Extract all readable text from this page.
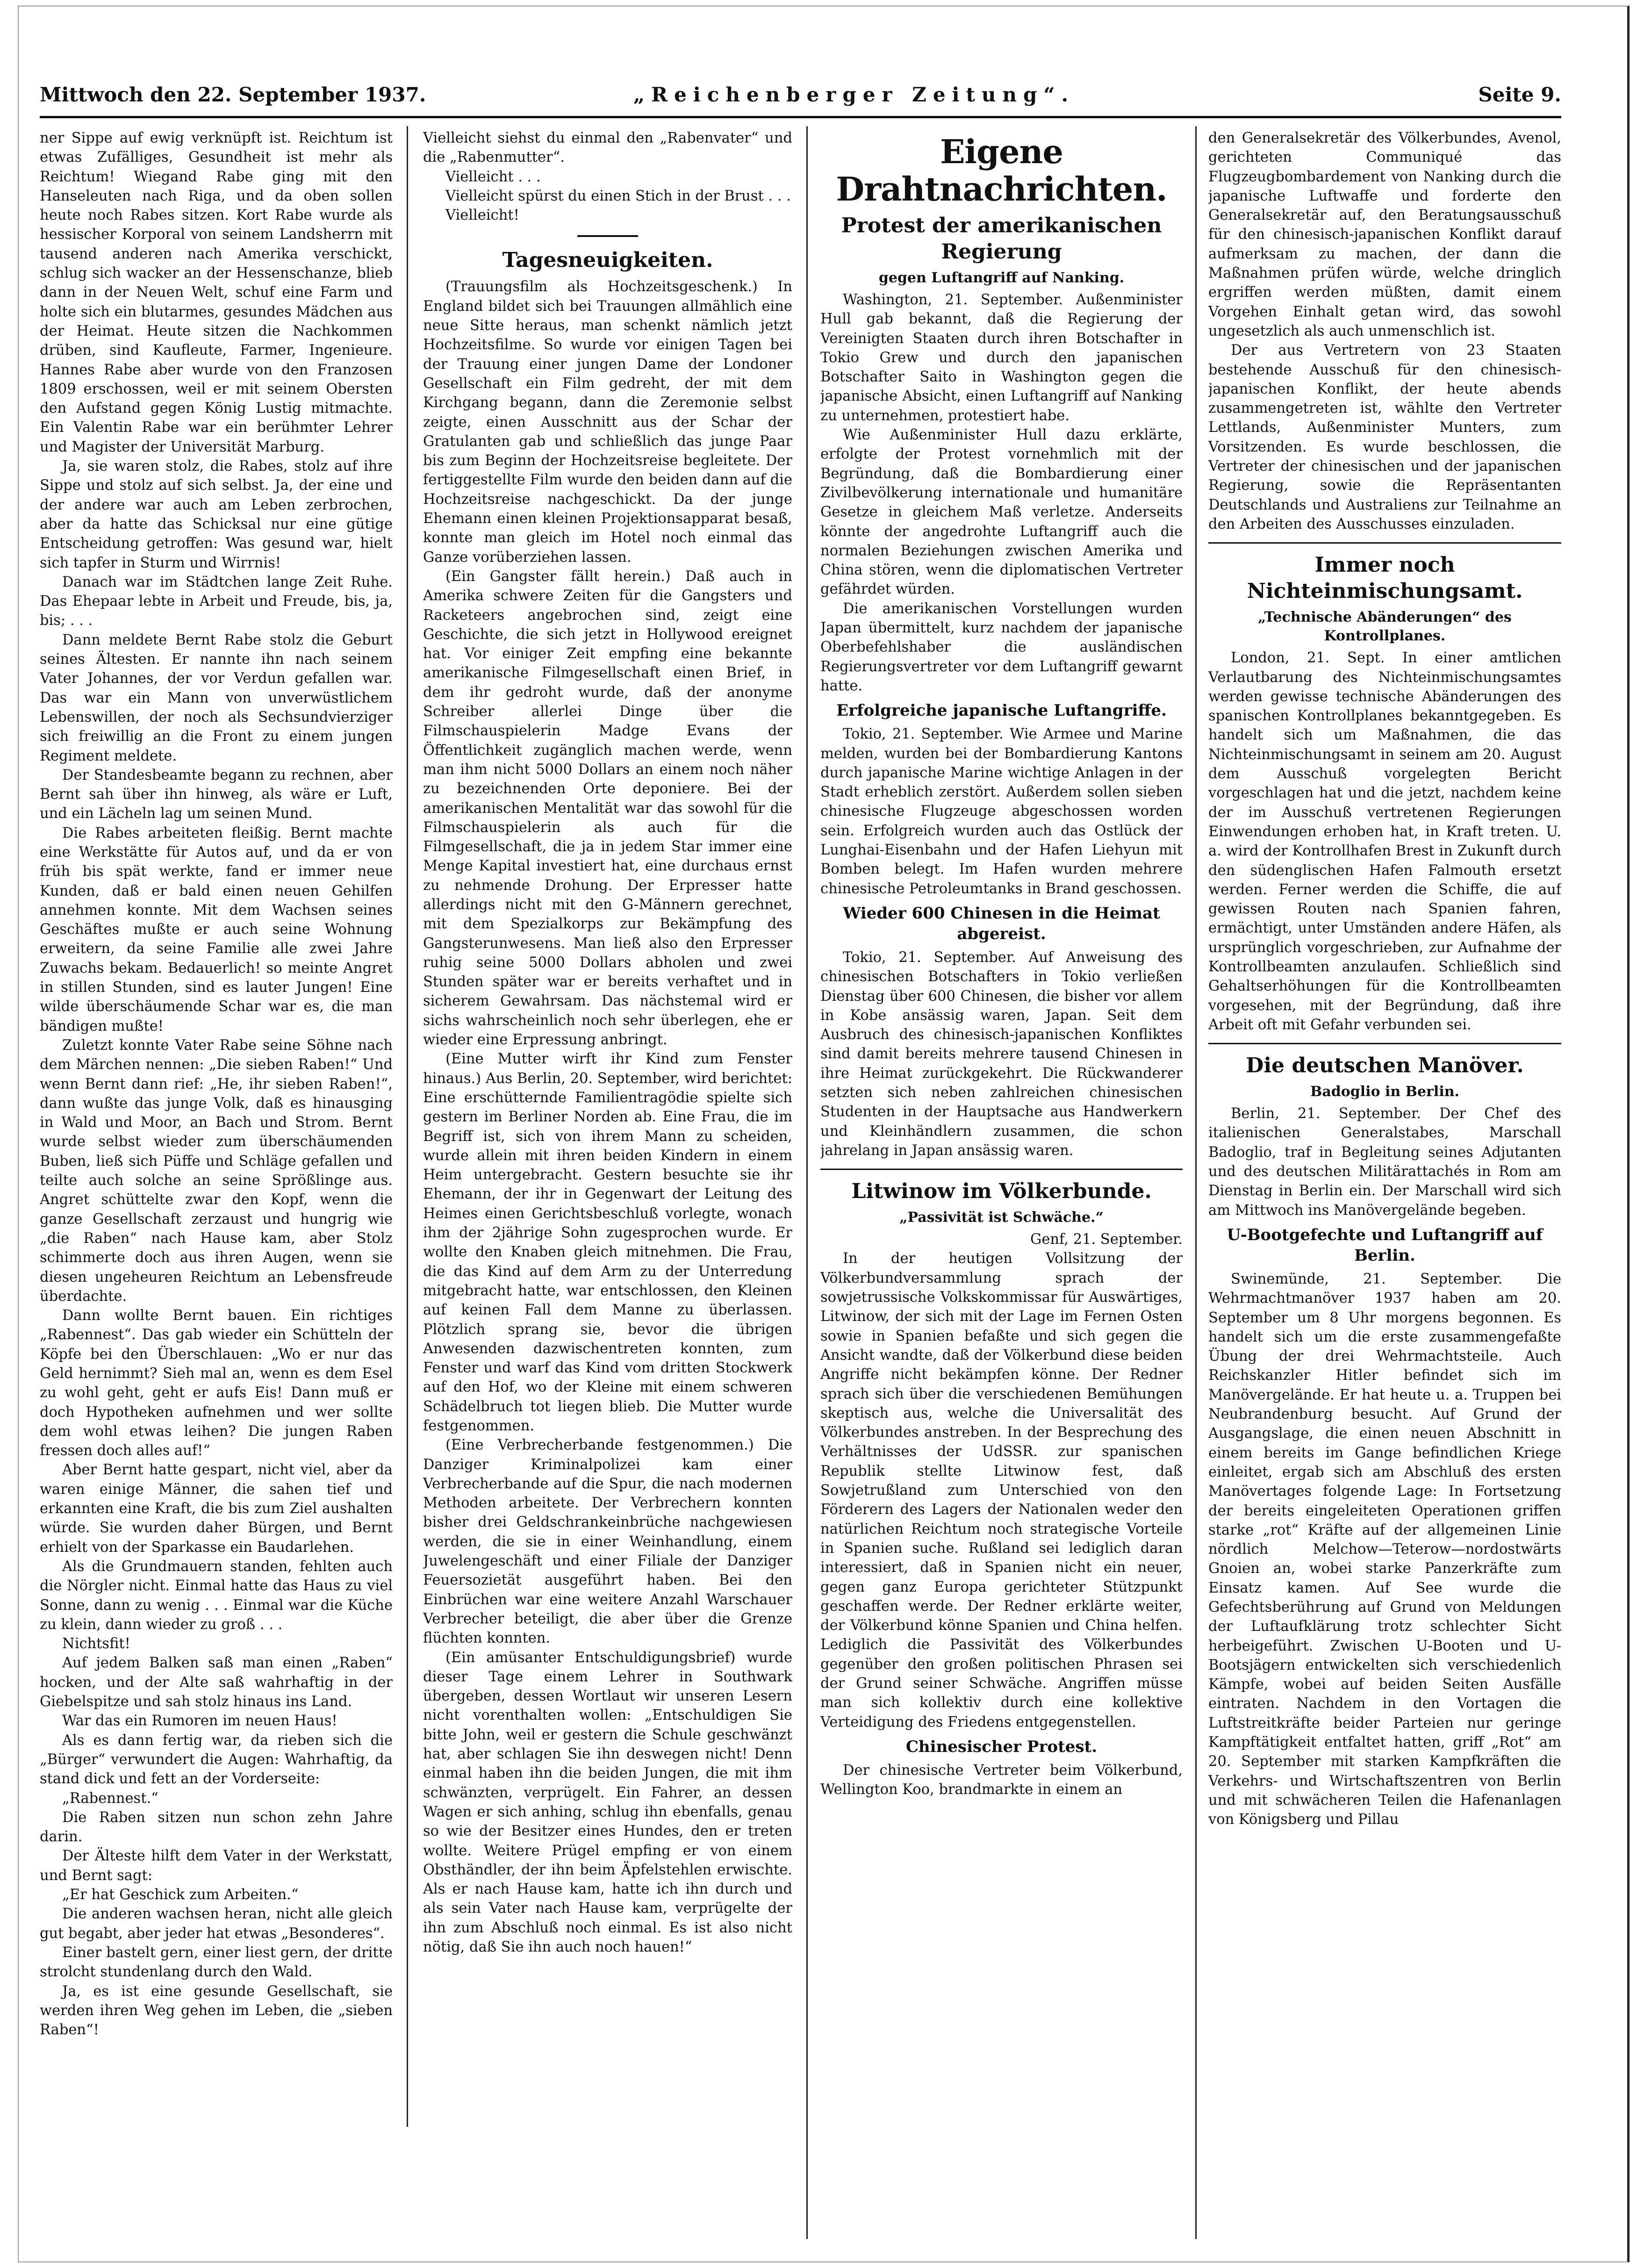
Mittwoch den 22. September 1937.	„Reichenberger Zeitung“.	Seite 9.

ner Sippe auf ewig verknüpft ist. Reichtum ist etwas Zufälliges, Gesundheit ist mehr als Reichtum! Wiegand Rabe ging mit den Hanseleuten nach Riga, und da oben sollen heute noch Rabes sitzen. Kort Rabe wurde als hessischer Korporal von seinem Landsherrn mit tausend anderen nach Amerika verschickt, schlug sich wacker an der Hessenschanze, blieb dann in der Neuen Welt, schuf eine Farm und holte sich ein blutarmes, gesundes Mädchen aus der Heimat. Heute sitzen die Nachkommen drüben, sind Kaufleute, Farmer, Ingenieure. Hannes Rabe aber wurde von den Franzosen 1809 erschossen, weil er mit seinem Obersten den Aufstand gegen König Lustig mitmachte. Ein Valentin Rabe war ein berühmter Lehrer und Magister der Universität Marburg.

Ja, sie waren stolz, die Rabes, stolz auf ihre Sippe und stolz auf sich selbst. Ja, der eine und der andere war auch am Leben zerbrochen, aber da hatte das Schicksal nur eine gütige Entscheidung getroffen: Was gesund war, hielt sich tapfer in Sturm und Wirrnis!

Danach war im Städtchen lange Zeit Ruhe. Das Ehepaar lebte in Arbeit und Freude, bis, ja, bis; . . .

Dann meldete Bernt Rabe stolz die Geburt seines Ältesten. Er nannte ihn nach seinem Vater Johannes, der vor Verdun gefallen war. Das war ein Mann von unverwüstlichem Lebenswillen, der noch als Sechsundvierziger sich freiwillig an die Front zu einem jungen Regiment meldete.

Der Standesbeamte begann zu rechnen, aber Bernt sah über ihn hinweg, als wäre er Luft, und ein Lächeln lag um seinen Mund.

Die Rabes arbeiteten fleißig. Bernt machte eine Werkstätte für Autos auf, und da er von früh bis spät werkte, fand er immer neue Kunden, daß er bald einen neuen Gehilfen annehmen konnte. Mit dem Wachsen seines Geschäftes mußte er auch seine Wohnung erweitern, da seine Familie alle zwei Jahre Zuwachs bekam. Bedauerlich! so meinte Angret in stillen Stunden, sind es lauter Jungen! Eine wilde überschäumende Schar war es, die man bändigen mußte!

Zuletzt konnte Vater Rabe seine Söhne nach dem Märchen nennen: „Die sieben Raben!“ Und wenn Bernt dann rief: „He, ihr sieben Raben!“, dann wußte das junge Volk, daß es hinausging in Wald und Moor, an Bach und Strom. Bernt wurde selbst wieder zum überschäumenden Buben, ließ sich Püffe und Schläge gefallen und teilte auch solche an seine Sprößlinge aus. Angret schüttelte zwar den Kopf, wenn die ganze Gesellschaft zerzaust und hungrig wie „die Raben“ nach Hause kam, aber Stolz schimmerte doch aus ihren Augen, wenn sie diesen ungeheuren Reichtum an Lebensfreude überdachte.

Dann wollte Bernt bauen. Ein richtiges „Rabennest“. Das gab wieder ein Schütteln der Köpfe bei den Überschlauen: „Wo er nur das Geld hernimmt? Sieh mal an, wenn es dem Esel zu wohl geht, geht er aufs Eis! Dann muß er doch Hypotheken aufnehmen und wer sollte dem wohl etwas leihen? Die jungen Raben fressen doch alles auf!“

Aber Bernt hatte gespart, nicht viel, aber da waren einige Männer, die sahen tief und erkannten eine Kraft, die bis zum Ziel aushalten würde. Sie wurden daher Bürgen, und Bernt erhielt von der Sparkasse ein Baudarlehen.

Als die Grundmauern standen, fehlten auch die Nörgler nicht. Einmal hatte das Haus zu viel Sonne, dann zu wenig . . . Einmal war die Küche zu klein, dann wieder zu groß . . .

Nichtsfit!

Auf jedem Balken saß man einen „Raben“ hocken, und der Alte saß wahrhaftig in der Giebelspitze und sah stolz hinaus ins Land.

War das ein Rumoren im neuen Haus!

Als es dann fertig war, da rieben sich die „Bürger“ verwundert die Augen: Wahrhaftig, da stand dick und fett an der Vorderseite:

„Rabennest.“

Die Raben sitzen nun schon zehn Jahre darin.

Der Älteste hilft dem Vater in der Werkstatt, und Bernt sagt:

„Er hat Geschick zum Arbeiten.“

Die anderen wachsen heran, nicht alle gleich gut begabt, aber jeder hat etwas „Besonderes“.

Einer bastelt gern, einer liest gern, der dritte strolcht stundenlang durch den Wald.

Ja, es ist eine gesunde Gesellschaft, sie werden ihren Weg gehen im Leben, die „sieben Raben“!

Vielleicht siehst du einmal den „Rabenvater“ und die „Rabenmutter“.

Vielleicht . . .

Vielleicht spürst du einen Stich in der Brust . . .

Vielleicht!

Tagesneuigkeiten.

(Trauungsfilm als Hochzeitsgeschenk.) In England bildet sich bei Trauungen allmählich eine neue Sitte heraus, man schenkt nämlich jetzt Hochzeitsfilme. So wurde vor einigen Tagen bei der Trauung einer jungen Dame der Londoner Gesellschaft ein Film gedreht, der mit dem Kirchgang begann, dann die Zeremonie selbst zeigte, einen Ausschnitt aus der Schar der Gratulanten gab und schließlich das junge Paar bis zum Beginn der Hochzeitsreise begleitete. Der fertiggestellte Film wurde den beiden dann auf die Hochzeitsreise nachgeschickt. Da der junge Ehemann einen kleinen Projektionsapparat besaß, konnte man gleich im Hotel noch einmal das Ganze vorüberziehen lassen.

(Ein Gangster fällt herein.) Daß auch in Amerika schwere Zeiten für die Gangsters und Racketeers angebrochen sind, zeigt eine Geschichte, die sich jetzt in Hollywood ereignet hat. Vor einiger Zeit empfing eine bekannte amerikanische Filmgesellschaft einen Brief, in dem ihr gedroht wurde, daß der anonyme Schreiber allerlei Dinge über die Filmschauspielerin Madge Evans der Öffentlichkeit zugänglich machen werde, wenn man ihm nicht 5000 Dollars an einem noch näher zu bezeichnenden Orte deponiere. Bei der amerikanischen Mentalität war das sowohl für die Filmschauspielerin als auch für die Filmgesellschaft, die ja in jedem Star immer eine Menge Kapital investiert hat, eine durchaus ernst zu nehmende Drohung. Der Erpresser hatte allerdings nicht mit den G-Männern gerechnet, mit dem Spezialkorps zur Bekämpfung des Gangsterunwesens. Man ließ also den Erpresser ruhig seine 5000 Dollars abholen und zwei Stunden später war er bereits verhaftet und in sicherem Gewahrsam. Das nächstemal wird er sichs wahrscheinlich noch sehr überlegen, ehe er wieder eine Erpressung anbringt.

(Eine Mutter wirft ihr Kind zum Fenster hinaus.) Aus Berlin, 20. September, wird berichtet: Eine erschütternde Familientragödie spielte sich gestern im Berliner Norden ab. Eine Frau, die im Begriff ist, sich von ihrem Mann zu scheiden, wurde allein mit ihren beiden Kindern in einem Heim untergebracht. Gestern besuchte sie ihr Ehemann, der ihr in Gegenwart der Leitung des Heimes einen Gerichtsbeschluß vorlegte, wonach ihm der 2jährige Sohn zugesprochen wurde. Er wollte den Knaben gleich mitnehmen. Die Frau, die das Kind auf dem Arm zu der Unterredung mitgebracht hatte, war entschlossen, den Kleinen auf keinen Fall dem Manne zu überlassen. Plötzlich sprang sie, bevor die übrigen Anwesenden dazwischentreten konnten, zum Fenster und warf das Kind vom dritten Stockwerk auf den Hof, wo der Kleine mit einem schweren Schädelbruch tot liegen blieb. Die Mutter wurde festgenommen.

(Eine Verbrecherbande festgenommen.) Die Danziger Kriminalpolizei kam einer Verbrecherbande auf die Spur, die nach modernen Methoden arbeitete. Der Verbrechern konnten bisher drei Geldschrankeinbrüche nachgewiesen werden, die sie in einer Weinhandlung, einem Juwelengeschäft und einer Filiale der Danziger Feuersozietät ausgeführt haben. Bei den Einbrüchen war eine weitere Anzahl Warschauer Verbrecher beteiligt, die aber über die Grenze flüchten konnten.

(Ein amüsanter Entschuldigungsbrief) wurde dieser Tage einem Lehrer in Southwark übergeben, dessen Wortlaut wir unseren Lesern nicht vorenthalten wollen: „Entschuldigen Sie bitte John, weil er gestern die Schule geschwänzt hat, aber schlagen Sie ihn deswegen nicht! Denn einmal haben ihn die beiden Jungen, die mit ihm schwänzten, verprügelt. Ein Fahrer, an dessen Wagen er sich anhing, schlug ihn ebenfalls, genau so wie der Besitzer eines Hundes, den er treten wollte. Weitere Prügel empfing er von einem Obsthändler, der ihn beim Äpfelstehlen erwischte. Als er nach Hause kam, hatte ich ihn durch und als sein Vater nach Hause kam, verprügelte der ihn zum Abschluß noch einmal. Es ist also nicht nötig, daß Sie ihn auch noch hauen!“

Eigene Drahtnachrichten.
Protest der amerikanischen Regierung
gegen Luftangriff auf Nanking.

Washington, 21. September. Außenminister Hull gab bekannt, daß die Regierung der Vereinigten Staaten durch ihren Botschafter in Tokio Grew und durch den japanischen Botschafter Saito in Washington gegen die japanische Absicht, einen Luftangriff auf Nanking zu unternehmen, protestiert habe.

Wie Außenminister Hull dazu erklärte, erfolgte der Protest vornehmlich mit der Begründung, daß die Bombardierung einer Zivilbevölkerung internationale und humanitäre Gesetze in gleichem Maß verletze. Anderseits könnte der angedrohte Luftangriff auch die normalen Beziehungen zwischen Amerika und China stören, wenn die diplomatischen Vertreter gefährdet würden.

Die amerikanischen Vorstellungen wurden Japan übermittelt, kurz nachdem der japanische Oberbefehlshaber die ausländischen Regierungsvertreter vor dem Luftangriff gewarnt hatte.

Erfolgreiche japanische Luftangriffe.

Tokio, 21. September. Wie Armee und Marine melden, wurden bei der Bombardierung Kantons durch japanische Marine wichtige Anlagen in der Stadt erheblich zerstört. Außerdem sollen sieben chinesische Flugzeuge abgeschossen worden sein. Erfolgreich wurden auch das Ostlück der Lunghai-Eisenbahn und der Hafen Liehyun mit Bomben belegt. Im Hafen wurden mehrere chinesische Petroleumtanks in Brand geschossen.

Wieder 600 Chinesen in die Heimat abgereist.

Tokio, 21. September. Auf Anweisung des chinesischen Botschafters in Tokio verließen Dienstag über 600 Chinesen, die bisher vor allem in Kobe ansässig waren, Japan. Seit dem Ausbruch des chinesisch-japanischen Konfliktes sind damit bereits mehrere tausend Chinesen in ihre Heimat zurückgekehrt. Die Rückwanderer setzten sich neben zahlreichen chinesischen Studenten in der Hauptsache aus Handwerkern und Kleinhändlern zusammen, die schon jahrelang in Japan ansässig waren.

Litwinow im Völkerbunde.
„Passivität ist Schwäche.“

Genf, 21. September.

In der heutigen Vollsitzung der Völkerbundversammlung sprach der sowjetrussische Volkskommissar für Auswärtiges, Litwinow, der sich mit der Lage im Fernen Osten sowie in Spanien befaßte und sich gegen die Ansicht wandte, daß der Völkerbund diese beiden Angriffe nicht bekämpfen könne. Der Redner sprach sich über die verschiedenen Bemühungen skeptisch aus, welche die Universalität des Völkerbundes anstreben. In der Besprechung des Verhältnisses der UdSSR. zur spanischen Republik stellte Litwinow fest, daß Sowjetrußland zum Unterschied von den Förderern des Lagers der Nationalen weder den natürlichen Reichtum noch strategische Vorteile in Spanien suche. Rußland sei lediglich daran interessiert, daß in Spanien nicht ein neuer, gegen ganz Europa gerichteter Stützpunkt geschaffen werde. Der Redner erklärte weiter, der Völkerbund könne Spanien und China helfen. Lediglich die Passivität des Völkerbundes gegenüber den großen politischen Phrasen sei der Grund seiner Schwäche. Angriffen müsse man sich kollektiv durch eine kollektive Verteidigung des Friedens entgegenstellen.

Chinesischer Protest.

Der chinesische Vertreter beim Völkerbund, Wellington Koo, brandmarkte in einem an

den Generalsekretär des Völkerbundes, Avenol, gerichteten Communiqué das Flugzeugbombardement von Nanking durch die japanische Luftwaffe und forderte den Generalsekretär auf, den Beratungsausschuß für den chinesisch-japanischen Konflikt darauf aufmerksam zu machen, der dann die Maßnahmen prüfen würde, welche dringlich ergriffen werden müßten, damit einem Vorgehen Einhalt getan wird, das sowohl ungesetzlich als auch unmenschlich ist.

Der aus Vertretern von 23 Staaten bestehende Ausschuß für den chinesisch-japanischen Konflikt, der heute abends zusammengetreten ist, wählte den Vertreter Lettlands, Außenminister Munters, zum Vorsitzenden. Es wurde beschlossen, die Vertreter der chinesischen und der japanischen Regierung, sowie die Repräsentanten Deutschlands und Australiens zur Teilnahme an den Arbeiten des Ausschusses einzuladen.

Immer noch Nichteinmischungsamt.
„Technische Abänderungen“ des Kontrollplanes.

London, 21. Sept. In einer amtlichen Verlautbarung des Nichteinmischungsamtes werden gewisse technische Abänderungen des spanischen Kontrollplanes bekanntgegeben. Es handelt sich um Maßnahmen, die das Nichteinmischungsamt in seinem am 20. August dem Ausschuß vorgelegten Bericht vorgeschlagen hat und die jetzt, nachdem keine der im Ausschuß vertretenen Regierungen Einwendungen erhoben hat, in Kraft treten. U. a. wird der Kontrollhafen Brest in Zukunft durch den südenglischen Hafen Falmouth ersetzt werden. Ferner werden die Schiffe, die auf gewissen Routen nach Spanien fahren, ermächtigt, unter Umständen andere Häfen, als ursprünglich vorgeschrieben, zur Aufnahme der Kontrollbeamten anzulaufen. Schließlich sind Gehaltserhöhungen für die Kontrollbeamten vorgesehen, mit der Begründung, daß ihre Arbeit oft mit Gefahr verbunden sei.

Die deutschen Manöver.
Badoglio in Berlin.

Berlin, 21. September. Der Chef des italienischen Generalstabes, Marschall Badoglio, traf in Begleitung seines Adjutanten und des deutschen Militärattachés in Rom am Dienstag in Berlin ein. Der Marschall wird sich am Mittwoch ins Manövergelände begeben.

U-Bootgefechte und Luftangriff auf Berlin.

Swinemünde, 21. September. Die Wehrmachtmanöver 1937 haben am 20. September um 8 Uhr morgens begonnen. Es handelt sich um die erste zusammengefaßte Übung der drei Wehrmachtsteile. Auch Reichskanzler Hitler befindet sich im Manövergelände. Er hat heute u. a. Truppen bei Neubrandenburg besucht. Auf Grund der Ausgangslage, die einen neuen Abschnitt in einem bereits im Gange befindlichen Kriege einleitet, ergab sich am Abschluß des ersten Manövertages folgende Lage: In Fortsetzung der bereits eingeleiteten Operationen griffen starke „rot“ Kräfte auf der allgemeinen Linie nördlich Melchow—Teterow—nordostwärts Gnoien an, wobei starke Panzerkräfte zum Einsatz kamen. Auf See wurde die Gefechtsberührung auf Grund von Meldungen der Luftaufklärung trotz schlechter Sicht herbeigeführt. Zwischen U-Booten und U-Bootsjägern entwickelten sich verschiedenlich Kämpfe, wobei auf beiden Seiten Ausfälle eintraten. Nachdem in den Vortagen die Luftstreitkräfte beider Parteien nur geringe Kampftätigkeit entfaltet hatten, griff „Rot“ am 20. September mit starken Kampfkräften die Verkehrs- und Wirtschaftszentren von Berlin und mit schwächeren Teilen die Hafenanlagen von Königsberg und Pillau
